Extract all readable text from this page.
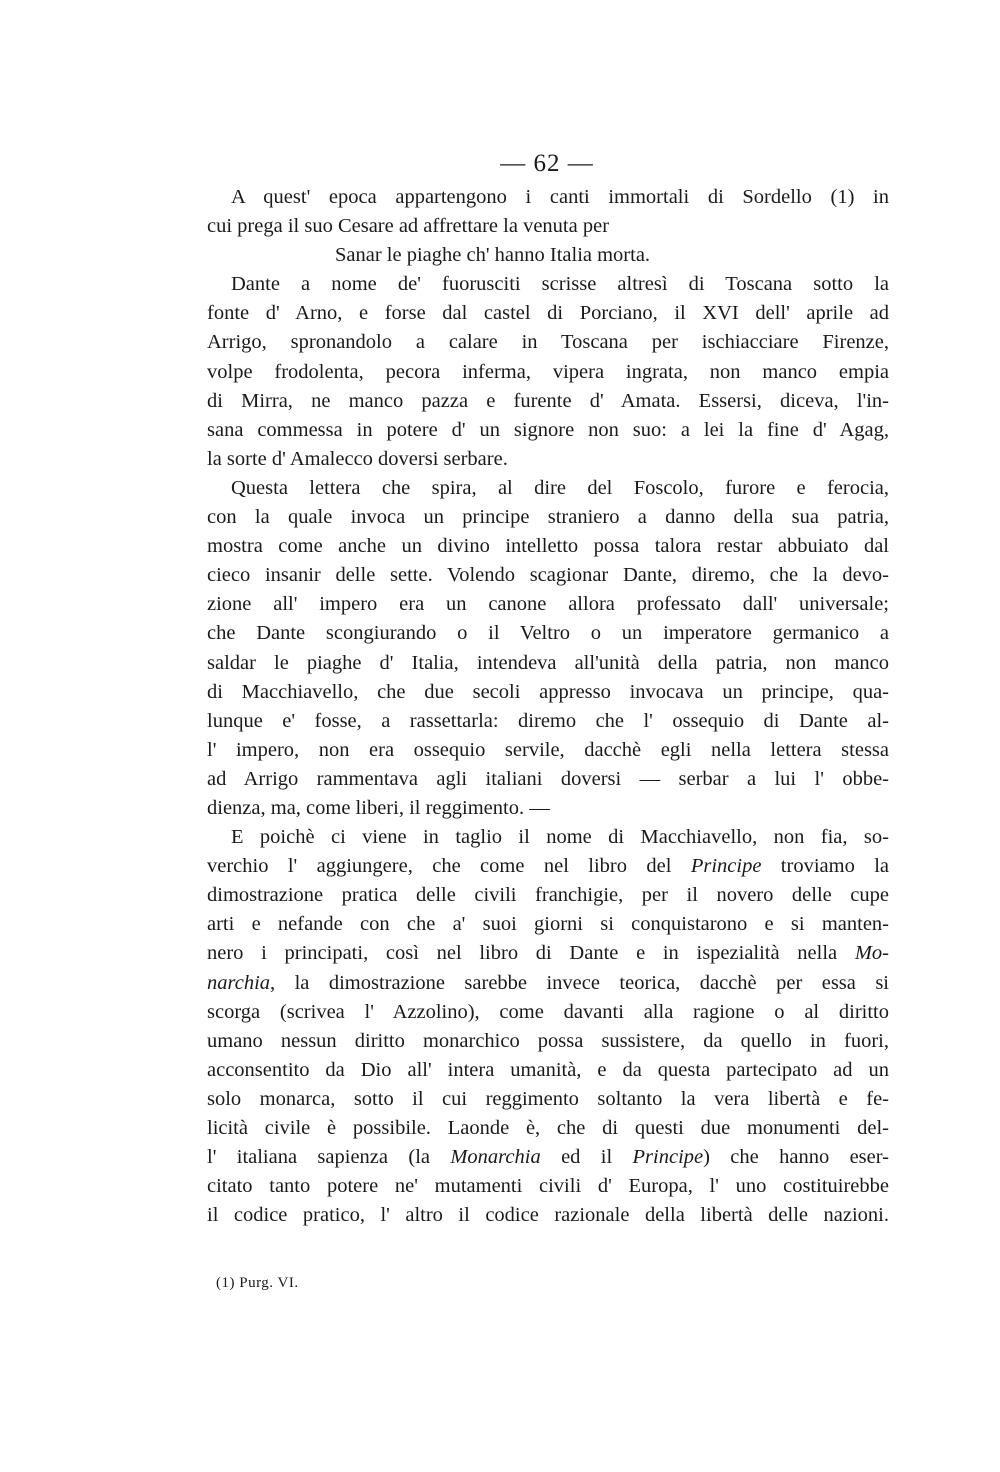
— 62 —
A quest' epoca appartengono i canti immortali di Sordello (1) in
cui prega il suo Cesare ad affrettare la venuta per
Sanar le piaghe ch' hanno Italia morta.
Dante a nome de' fuorusciti scrisse altresì di Toscana sotto la
fonte d' Arno, e forse dal castel di Porciano, il XVI dell' aprile ad
Arrigo, spronandolo a calare in Toscana per ischiacciare Firenze,
volpe frodolenta, pecora inferma, vipera ingrata, non manco empia
di Mirra, ne manco pazza e furente d' Amata. Essersi, diceva, l'in-
sana commessa in potere d' un signore non suo: a lei la fine d' Agag,
la sorte d' Amalecco doversi serbare.
Questa lettera che spira, al dire del Foscolo, furore e ferocia,
con la quale invoca un principe straniero a danno della sua patria,
mostra come anche un divino intelletto possa talora restar abbuiato dal
cieco insanir delle sette. Volendo scagionar Dante, diremo, che la devo-
zione all' impero era un canone allora professato dall' universale;
che Dante scongiurando o il Veltro o un imperatore germanico a
saldar le piaghe d' Italia, intendeva all'unità della patria, non manco
di Macchiavello, che due secoli appresso invocava un principe, qua-
lunque e' fosse, a rassettarla: diremo che l' ossequio di Dante al-
l' impero, non era ossequio servile, dacchè egli nella lettera stessa
ad Arrigo rammentava agli italiani doversi — serbar a lui l' obbe-
dienza, ma, come liberi, il reggimento. —
E poichè ci viene in taglio il nome di Macchiavello, non fia, so-
verchio l' aggiungere, che come nel libro del Principe troviamo la
dimostrazione pratica delle civili franchigie, per il novero delle cupe
arti e nefande con che a' suoi giorni si conquistarono e si manten-
nero i principati, così nel libro di Dante e in ispezialità nella Mo-
narchia, la dimostrazione sarebbe invece teorica, dacchè per essa si
scorga (scrivea l' Azzolino), come davanti alla ragione o al diritto
umano nessun diritto monarchico possa sussistere, da quello in fuori,
acconsentito da Dio all' intera umanità, e da questa partecipato ad un
solo monarca, sotto il cui reggimento soltanto la vera libertà e fe-
licità civile è possibile. Laonde è, che di questi due monumenti del-
l' italiana sapienza (la Monarchia ed il Principe) che hanno eser-
citato tanto potere ne' mutamenti civili d' Europa, l' uno costituirebbe
il codice pratico, l' altro il codice razionale della libertà delle nazioni.
(1) Purg. VI.
